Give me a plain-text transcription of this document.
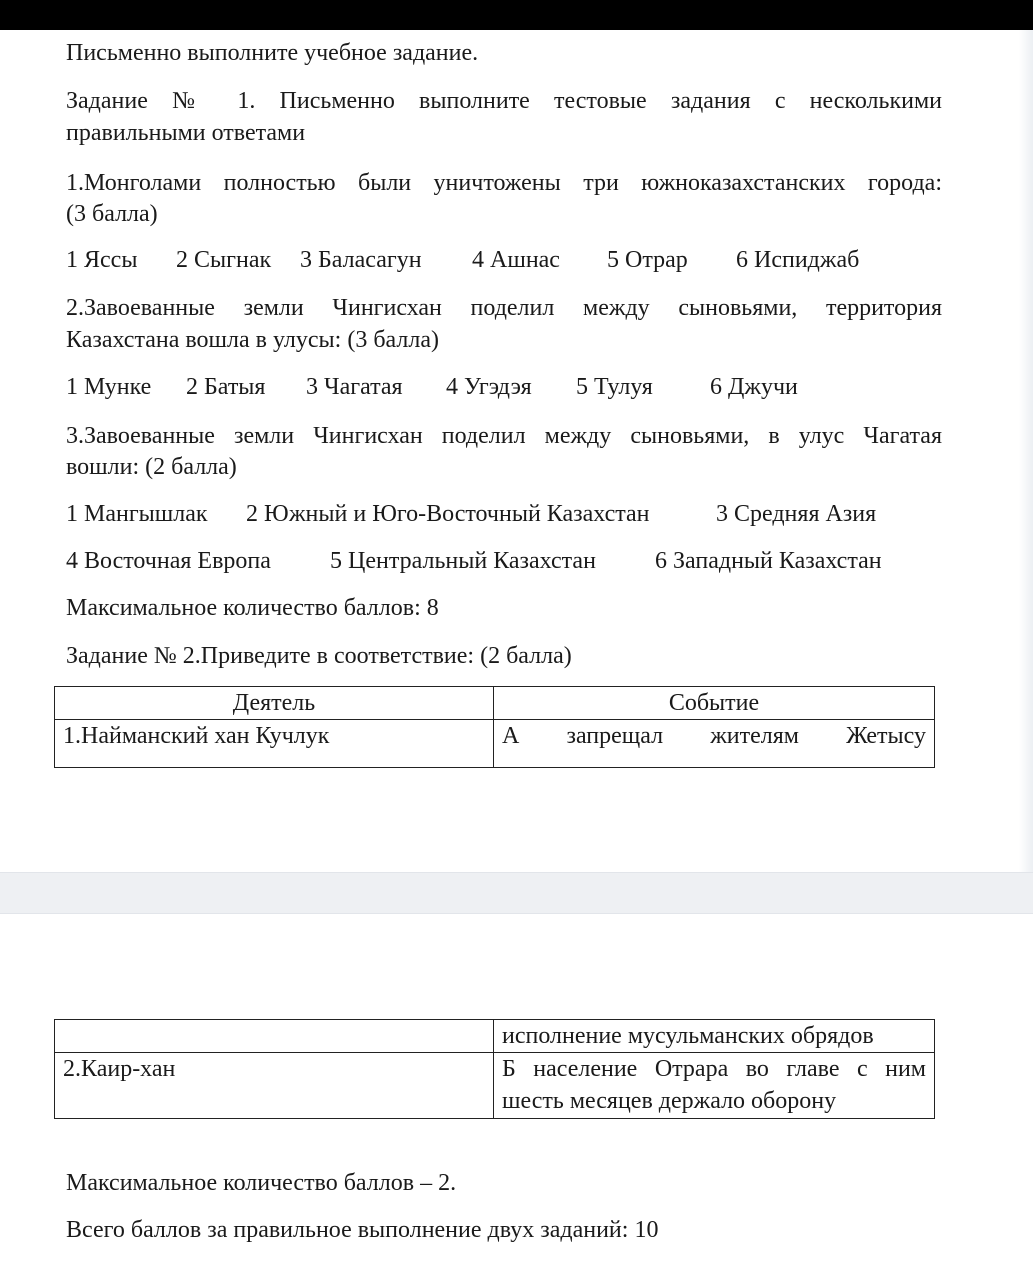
Письменно выполните учебное задание.
Задание № 1. Письменно выполните тестовые задания с несколькими
правильными ответами
1.Монголами полностью были уничтожены три южноказахстанских города:
(3 балла)
1 Яссы 2 Сыгнак 3 Баласагун 4 Ашнас 5 Отрар 6 Испиджаб
2.Завоеванные земли Чингисхан поделил между сыновьями, территория
Казахстана вошла в улусы: (3 балла)
1 Мунке 2 Батыя 3 Чагатая 4 Угэдэя 5 Тулуя 6 Джучи
3.Завоеванные земли Чингисхан поделил между сыновьями, в улус Чагатая
вошли: (2 балла)
1 Мангышлак 2 Южный и Юго-Восточный Казахстан	3 Средняя Азия
4 Восточная Европа 5 Центральный Казахстан 6 Западный Казахстан
Максимальное количество баллов: 8
Задание № 2.Приведите в соответствие: (2 балла)
Деятель	Событие
1.Найманский хан Кучлук	А запрещал жителям Жетысу
	исполнение мусульманских обрядов
2.Каир-хан	Б население Отрара во главе с ним
шесть месяцев держало оборону
Максимальное количество баллов – 2.
Всего баллов за правильное выполнение двух заданий: 10
